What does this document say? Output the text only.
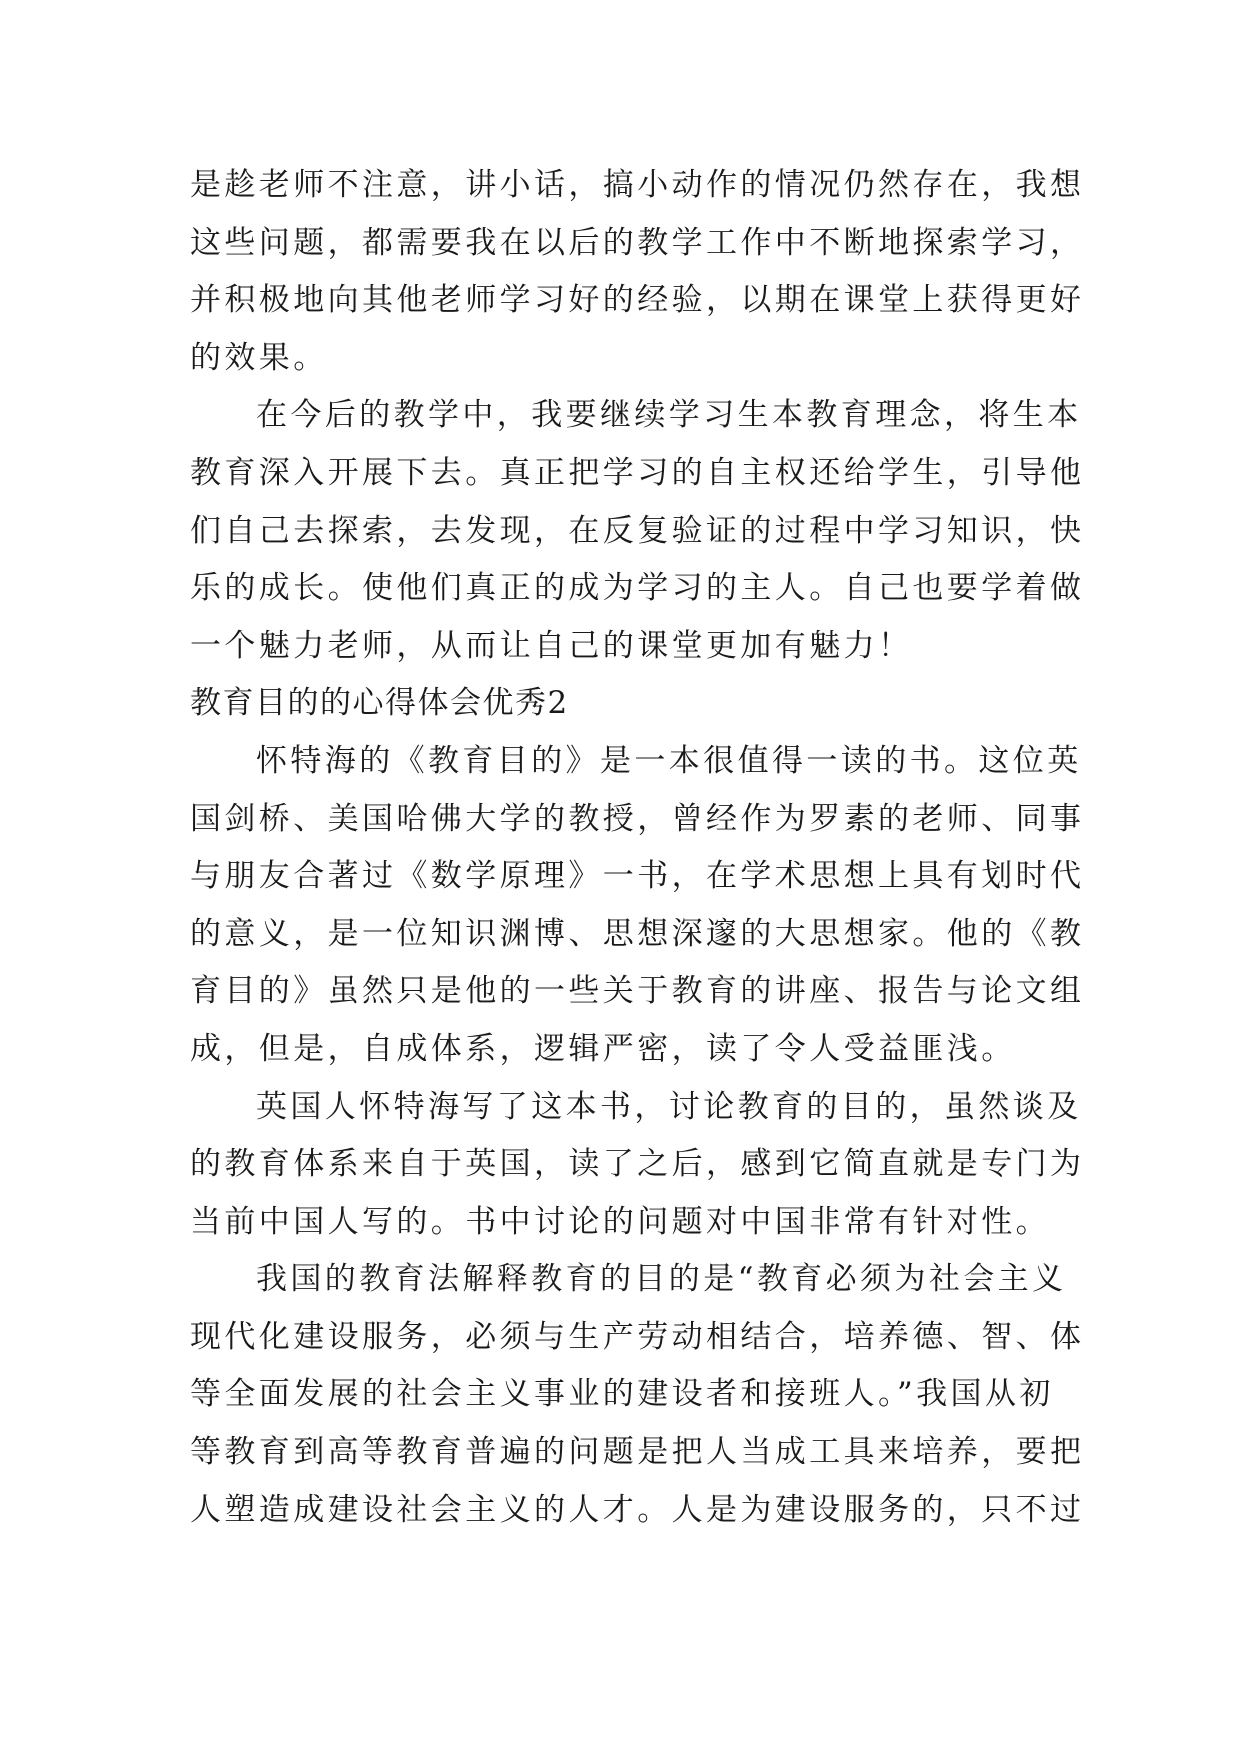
是趁老师不注意，讲小话，搞小动作的情况仍然存在，我想
这些问题，都需要我在以后的教学工作中不断地探索学习，
并积极地向其他老师学习好的经验，以期在课堂上获得更好
的效果。
在今后的教学中，我要继续学习生本教育理念，将生本
教育深入开展下去。真正把学习的自主权还给学生，引导他
们自己去探索，去发现，在反复验证的过程中学习知识，快
乐的成长。使他们真正的成为学习的主人。自己也要学着做
一个魅力老师，从而让自己的课堂更加有魅力！
教育目的的心得体会优秀2
怀特海的《教育目的》是一本很值得一读的书。这位英
国剑桥、美国哈佛大学的教授，曾经作为罗素的老师、同事
与朋友合著过《数学原理》一书，在学术思想上具有划时代
的意义，是一位知识渊博、思想深邃的大思想家。他的《教
育目的》虽然只是他的一些关于教育的讲座、报告与论文组
成，但是，自成体系，逻辑严密，读了令人受益匪浅。
英国人怀特海写了这本书，讨论教育的目的，虽然谈及
的教育体系来自于英国，读了之后，感到它简直就是专门为
当前中国人写的。书中讨论的问题对中国非常有针对性。
我国的教育法解释教育的目的是“教育必须为社会主义
现代化建设服务，必须与生产劳动相结合，培养德、智、体
等全面发展的社会主义事业的建设者和接班人。”我国从初
等教育到高等教育普遍的问题是把人当成工具来培养，要把
人塑造成建设社会主义的人才。人是为建设服务的，只不过
